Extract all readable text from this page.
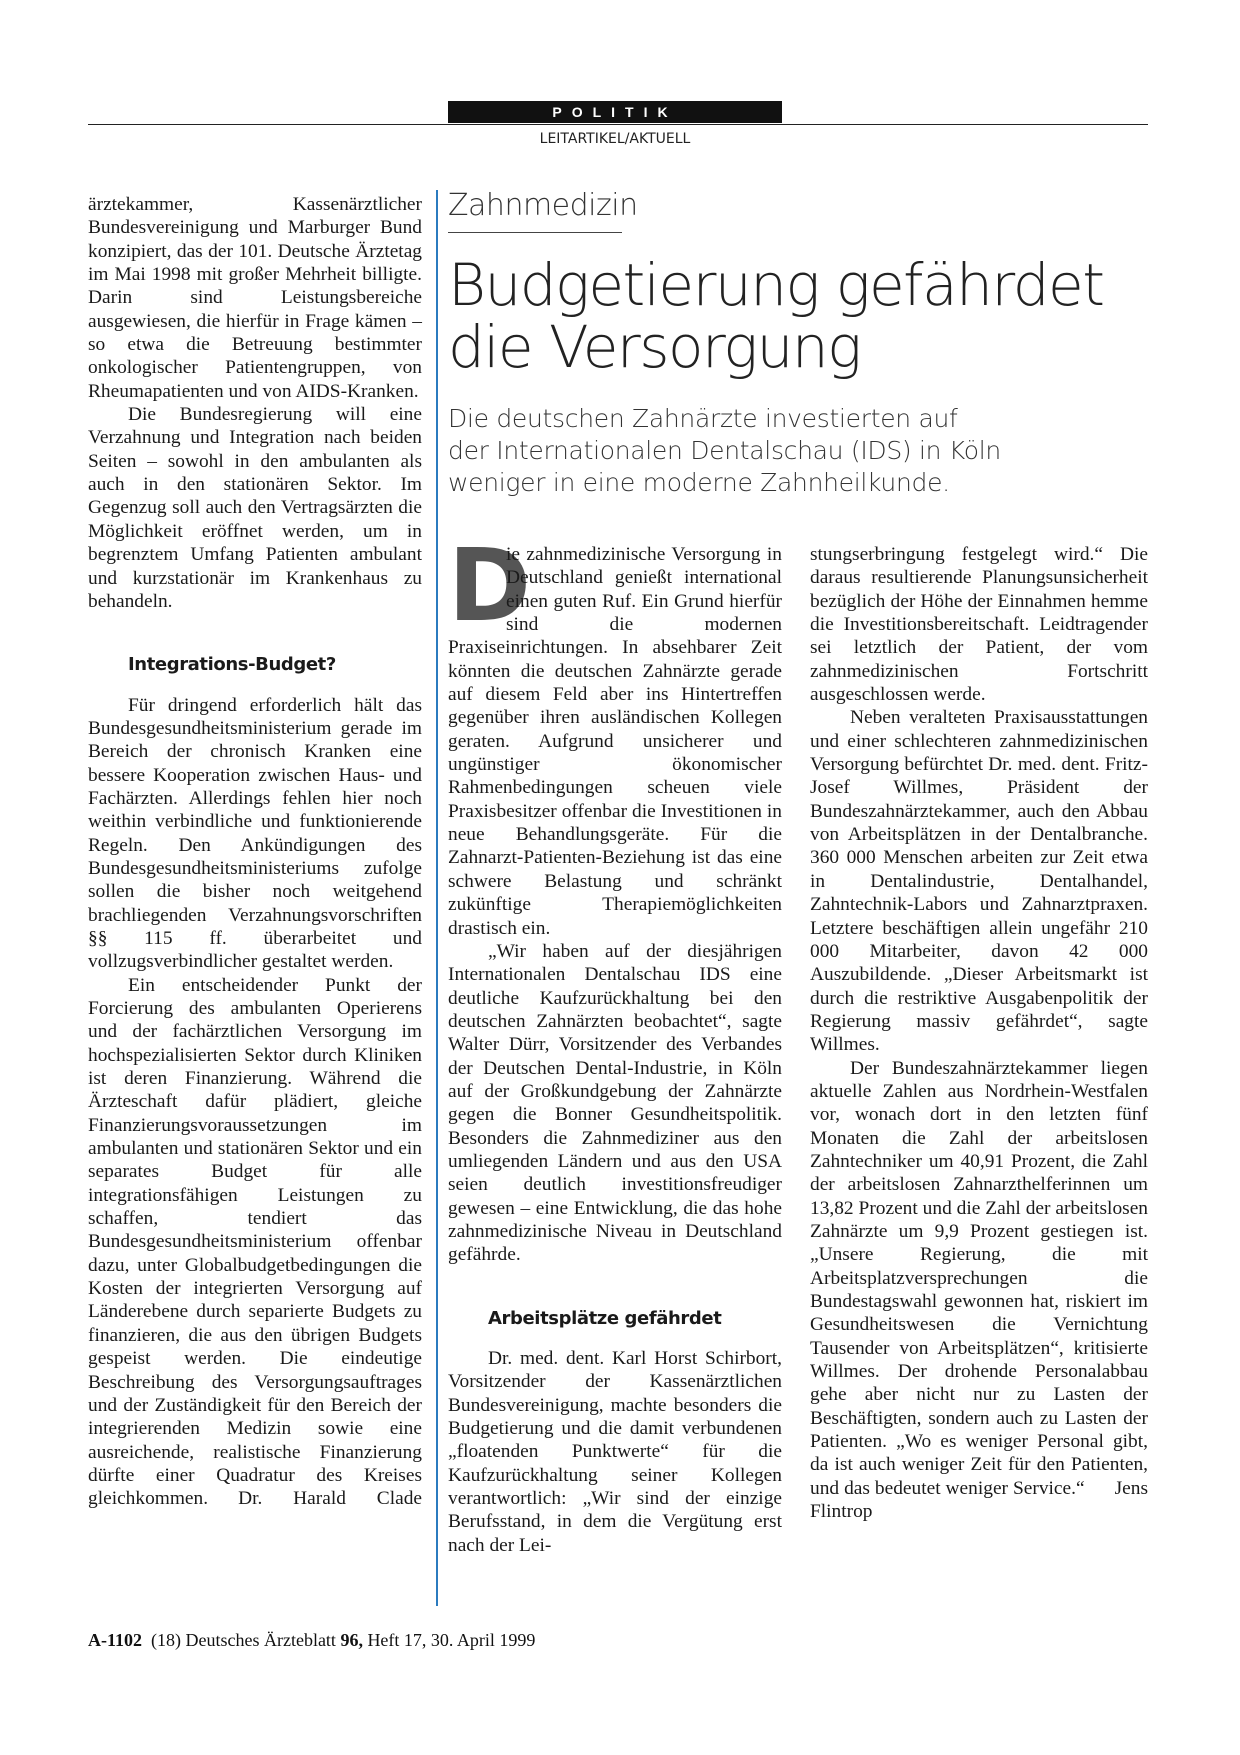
POLITIK
LEITARTIKEL/AKTUELL

ärztekammer, Kassenärztlicher Bundesvereinigung und Marburger Bund konzipiert, das der 101. Deutsche Ärztetag im Mai 1998 mit großer Mehrheit billigte. Darin sind Leistungsbereiche ausgewiesen, die hierfür in Frage kämen – so etwa die Betreuung bestimmter onkologischer Patientengruppen, von Rheumapatienten und von AIDS-Kranken.

Die Bundesregierung will eine Verzahnung und Integration nach beiden Seiten – sowohl in den ambulanten als auch in den stationären Sektor. Im Gegenzug soll auch den Vertragsärzten die Möglichkeit eröffnet werden, um in begrenztem Umfang Patienten ambulant und kurzstationär im Krankenhaus zu behandeln.

Integrations-Budget?

Für dringend erforderlich hält das Bundesgesundheitsministerium gerade im Bereich der chronisch Kranken eine bessere Kooperation zwischen Haus- und Fachärzten. Allerdings fehlen hier noch weithin verbindliche und funktionierende Regeln. Den Ankündigungen des Bundesgesundheitsministeriums zufolge sollen die bisher noch weitgehend brachliegenden Verzahnungsvorschriften §§ 115 ff. überarbeitet und vollzugsverbindlicher gestaltet werden.

Ein entscheidender Punkt der Forcierung des ambulanten Operierens und der fachärztlichen Versorgung im hochspezialisierten Sektor durch Kliniken ist deren Finanzierung. Während die Ärzteschaft dafür plädiert, gleiche Finanzierungsvoraussetzungen im ambulanten und stationären Sektor und ein separates Budget für alle integrationsfähigen Leistungen zu schaffen, tendiert das Bundesgesundheitsministerium offenbar dazu, unter Globalbudgetbedingungen die Kosten der integrierten Versorgung auf Länderebene durch separierte Budgets zu finanzieren, die aus den übrigen Budgets gespeist werden. Die eindeutige Beschreibung des Versorgungsauftrages und der Zuständigkeit für den Bereich der integrierenden Medizin sowie eine ausreichende, realistische Finanzierung dürfte einer Quadratur des Kreises gleichkommen. Dr. Harald Clade

Zahnmedizin
Budgetierung gefährdet
die Versorgung
Die deutschen Zahnärzte investierten auf
der Internationalen Dentalschau (IDS) in Köln
weniger in eine moderne Zahnheilkunde.

D
ie zahnmedizinische Versorgung in Deutschland genießt international einen guten Ruf. Ein Grund hierfür sind die modernen Praxiseinrichtungen. In absehbarer Zeit könnten die deutschen Zahnärzte gerade auf diesem Feld aber ins Hintertreffen gegenüber ihren ausländischen Kollegen geraten. Aufgrund unsicherer und ungünstiger ökonomischer Rahmenbedingungen scheuen viele Praxisbesitzer offenbar die Investitionen in neue Behandlungsgeräte. Für die Zahnarzt-Patienten-Beziehung ist das eine schwere Belastung und schränkt zukünftige Therapiemöglichkeiten drastisch ein.

„Wir haben auf der diesjährigen Internationalen Dentalschau IDS eine deutliche Kaufzurückhaltung bei den deutschen Zahnärzten beobachtet“, sagte Walter Dürr, Vorsitzender des Verbandes der Deutschen Dental-Industrie, in Köln auf der Großkundgebung der Zahnärzte gegen die Bonner Gesundheitspolitik. Besonders die Zahnmediziner aus den umliegenden Ländern und aus den USA seien deutlich investitionsfreudiger gewesen – eine Entwicklung, die das hohe zahnmedizinische Niveau in Deutschland gefährde.

Arbeitsplätze gefährdet

Dr. med. dent. Karl Horst Schirbort, Vorsitzender der Kassenärztlichen Bundesvereinigung, machte besonders die Budgetierung und die damit verbundenen „floatenden Punktwerte“ für die Kaufzurückhaltung seiner Kollegen verantwortlich: „Wir sind der einzige Berufsstand, in dem die Vergütung erst nach der Lei-

stungserbringung festgelegt wird.“ Die daraus resultierende Planungsunsicherheit bezüglich der Höhe der Einnahmen hemme die Investitionsbereitschaft. Leidtragender sei letztlich der Patient, der vom zahnmedizinischen Fortschritt ausgeschlossen werde.

Neben veralteten Praxisausstattungen und einer schlechteren zahnmedizinischen Versorgung befürchtet Dr. med. dent. Fritz-Josef Willmes, Präsident der Bundeszahnärztekammer, auch den Abbau von Arbeitsplätzen in der Dentalbranche. 360 000 Menschen arbeiten zur Zeit etwa in Dentalindustrie, Dentalhandel, Zahntechnik-Labors und Zahnarztpraxen. Letztere beschäftigen allein ungefähr 210 000 Mitarbeiter, davon 42 000 Auszubildende. „Dieser Arbeitsmarkt ist durch die restriktive Ausgabenpolitik der Regierung massiv gefährdet“, sagte Willmes.

Der Bundeszahnärztekammer liegen aktuelle Zahlen aus Nordrhein-Westfalen vor, wonach dort in den letzten fünf Monaten die Zahl der arbeitslosen Zahntechniker um 40,91 Prozent, die Zahl der arbeitslosen Zahnarzthelferinnen um 13,82 Prozent und die Zahl der arbeitslosen Zahnärzte um 9,9 Prozent gestiegen ist. „Unsere Regierung, die mit Arbeitsplatzversprechungen die Bundestagswahl gewonnen hat, riskiert im Gesundheitswesen die Vernichtung Tausender von Arbeitsplätzen“, kritisierte Willmes. Der drohende Personalabbau gehe aber nicht nur zu Lasten der Beschäftigten, sondern auch zu Lasten der Patienten. „Wo es weniger Personal gibt, da ist auch weniger Zeit für den Patienten, und das bedeutet weniger Service.“ Jens Flintrop

A-1102 (18) Deutsches Ärzteblatt 96, Heft 17, 30. April 1999
